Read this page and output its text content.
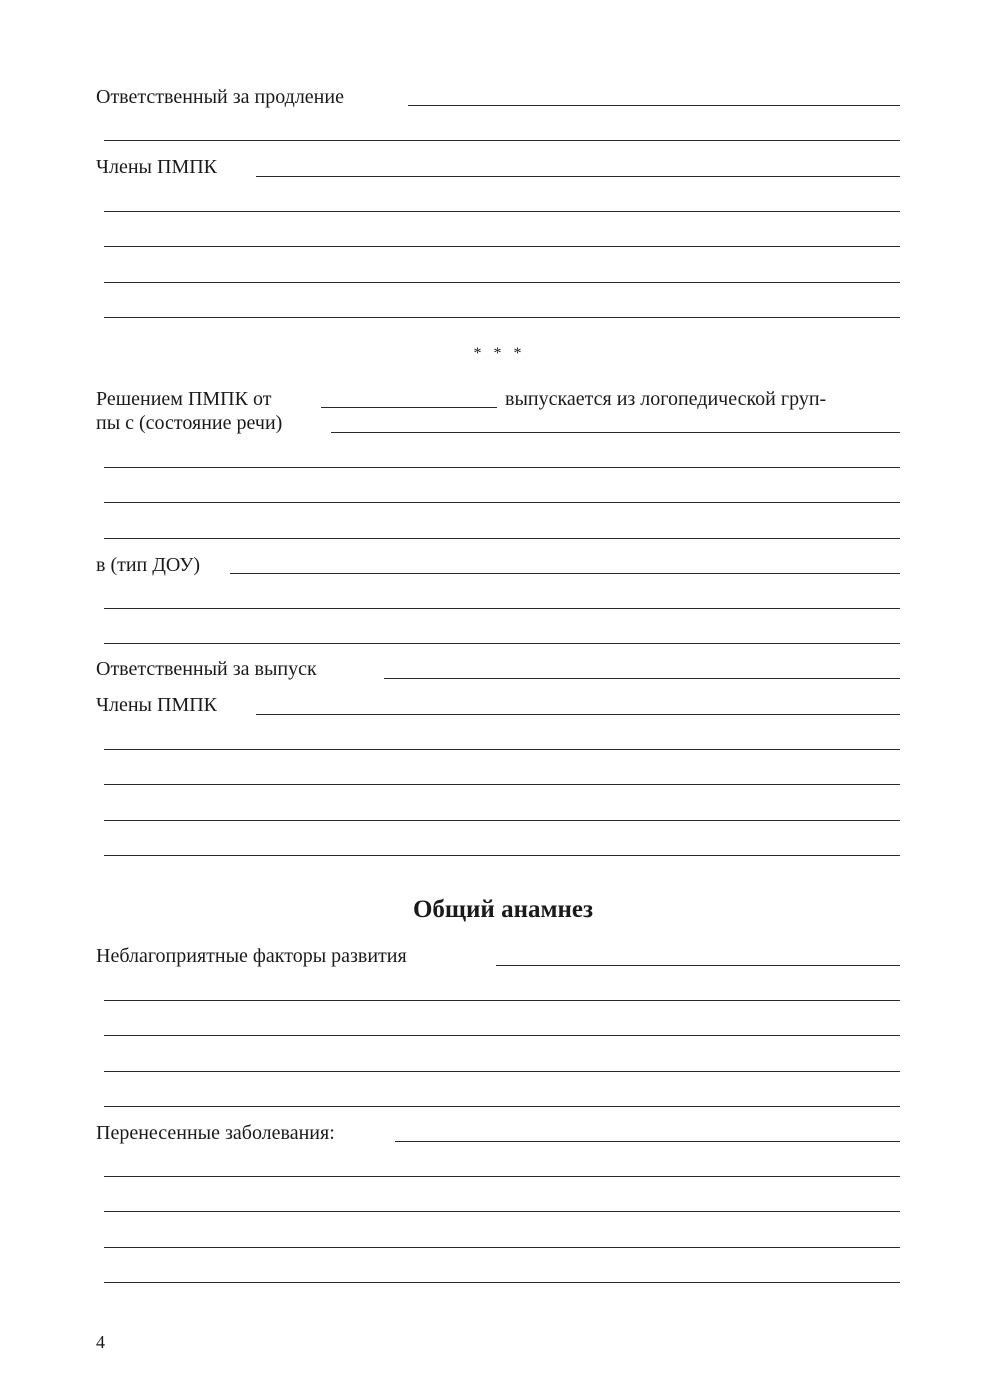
Ответственный за продление
Члены ПМПК
* * *
Решением ПМПК от	выпускается из логопедической груп-
пы с (состояние речи)
в (тип ДОУ)
Ответственный за выпуск
Члены ПМПК
Общий анамнез
Неблагоприятные факторы развития
Перенесенные заболевания:
4
